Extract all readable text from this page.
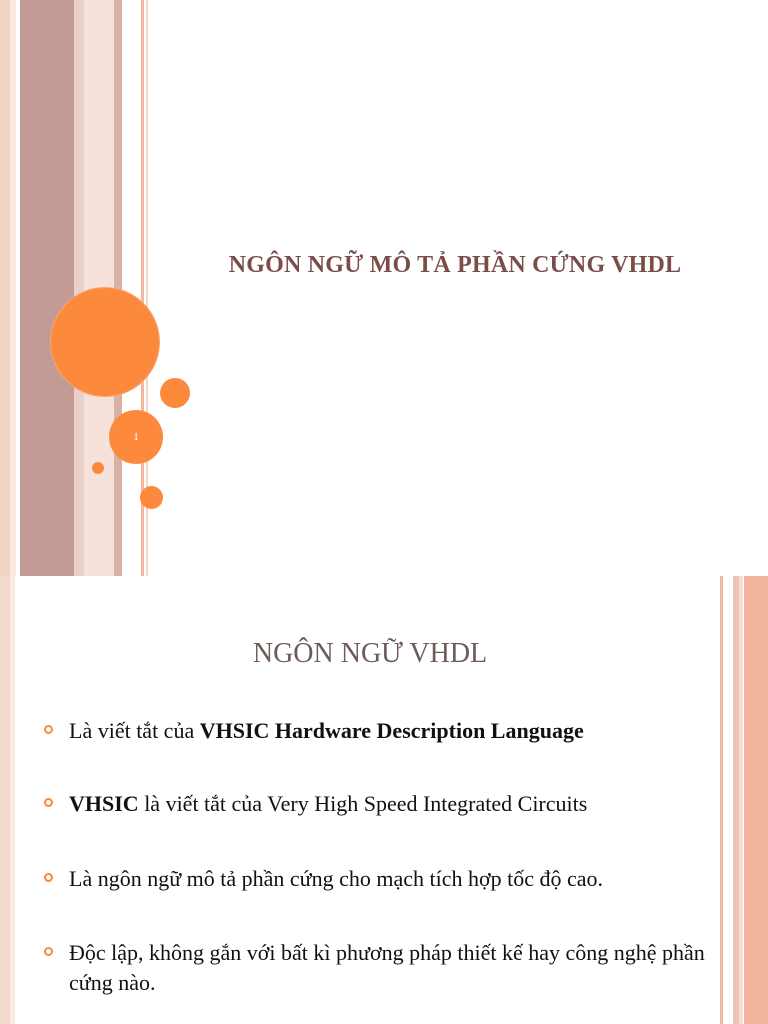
1
NGÔN NGỮ MÔ TẢ PHẦN CỨNG VHDL
NGÔN NGỮ VHDL
Là viết tắt của VHSIC Hardware Description Language
VHSIC là viết tắt của Very High Speed Integrated Circuits
Là ngôn ngữ mô tả phần cứng cho mạch tích hợp tốc độ cao.
Độc lập, không gắn với bất kì phương pháp thiết kế hay công nghệ phần cứng nào.
